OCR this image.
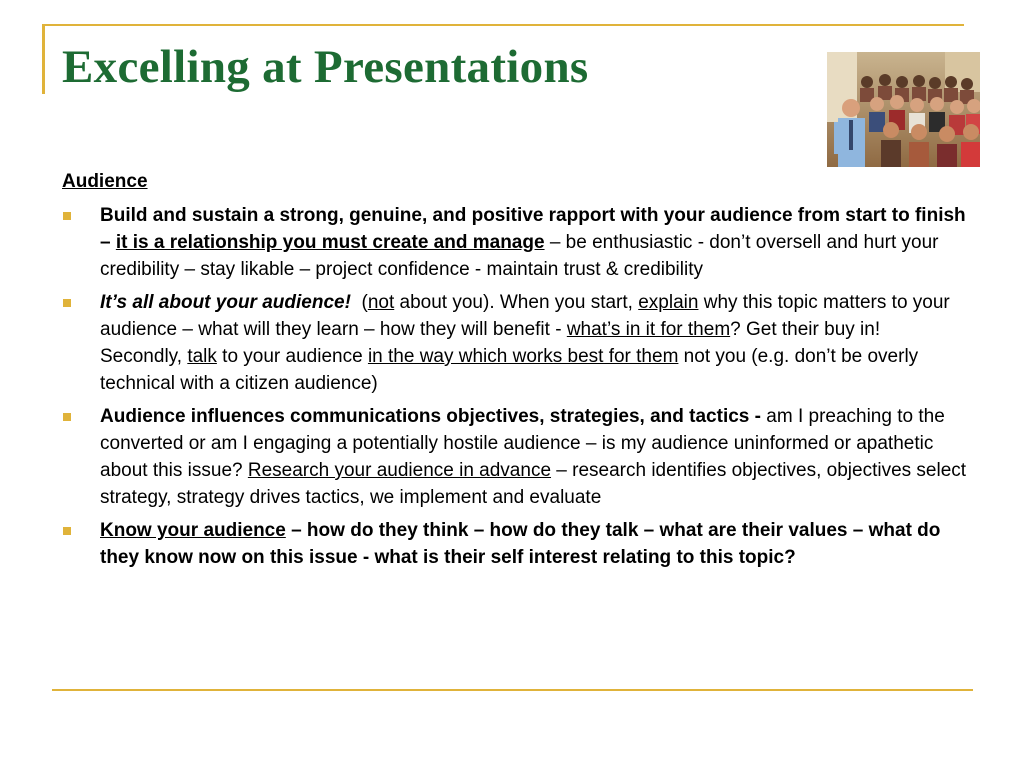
Excelling at Presentations
Audience
Build and sustain a strong, genuine, and positive rapport with your audience from start to finish – it is a relationship you must create and manage – be enthusiastic - don’t oversell and hurt your credibility – stay likable – project confidence - maintain trust & credibility
It’s all about your audience!  (not about you). When you start, explain why this topic matters to your audience – what will they learn – how they will benefit - what’s in it for them? Get their buy in! Secondly, talk to your audience in the way which works best for them not you (e.g. don’t be overly technical with a citizen audience)
Audience influences communications objectives, strategies, and tactics - am I preaching to the converted or am I engaging a potentially hostile audience – is my audience uninformed or apathetic about this issue? Research your audience in advance – research identifies objectives, objectives select strategy, strategy drives tactics, we implement and evaluate
Know your audience – how do they think – how do they talk – what are their values – what do they know now on this issue - what is their self interest relating to this topic?
